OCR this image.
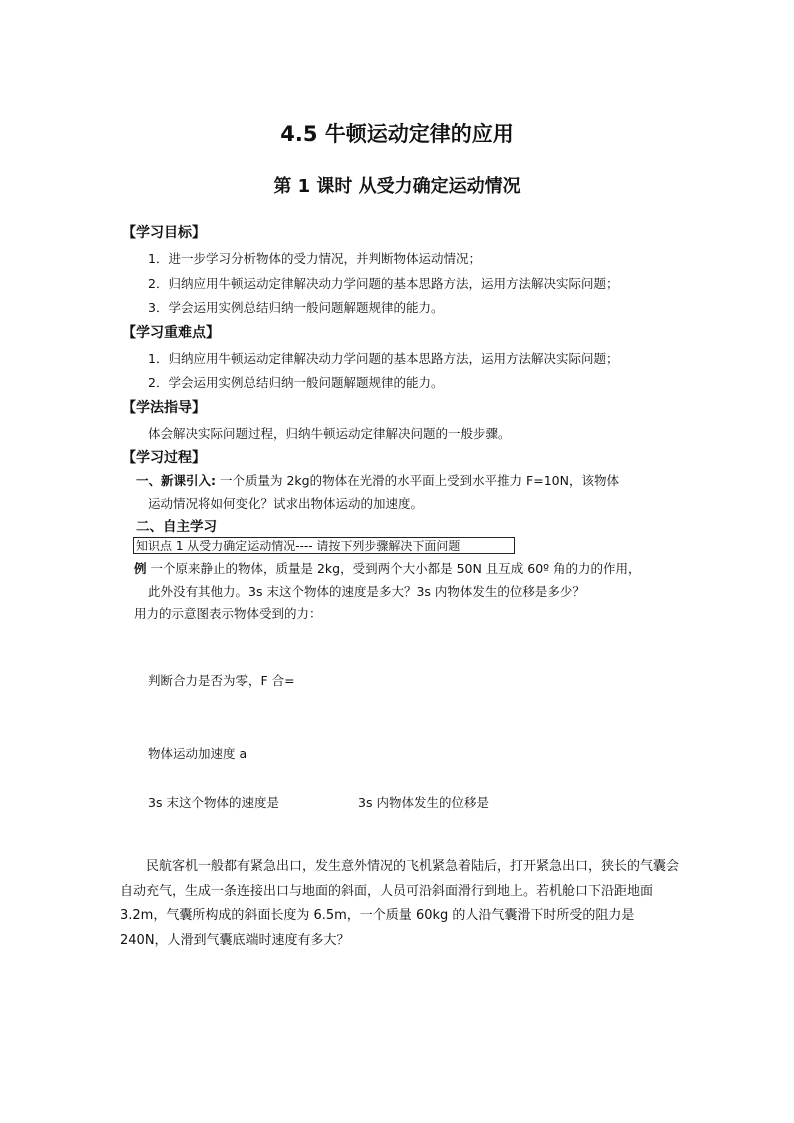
4.5 牛顿运动定律的应用
第 1 课时 从受力确定运动情况
【学习目标】
1．进一步学习分析物体的受力情况，并判断物体运动情况；
2．归纳应用牛顿运动定律解决动力学问题的基本思路方法，运用方法解决实际问题；
3．学会运用实例总结归纳一般问题解题规律的能力。
【学习重难点】
1．归纳应用牛顿运动定律解决动力学问题的基本思路方法，运用方法解决实际问题；
2．学会运用实例总结归纳一般问题解题规律的能力。
【学法指导】
体会解决实际问题过程，归纳牛顿运动定律解决问题的一般步骤。
【学习过程】
一、新课引入: 一个质量为 2kg的物体在光滑的水平面上受到水平推力 F=10N，该物体
运动情况将如何变化？试求出物体运动的加速度。
二、自主学习
知识点 1 从受力确定运动情况---- 请按下列步骤解决下面问题
例 一个原来静止的物体，质量是 2kg，受到两个大小都是 50N 且互成 60º 角的力的作用，
此外没有其他力。3s 末这个物体的速度是多大？3s 内物体发生的位移是多少？
用力的示意图表示物体受到的力：
判断合力是否为零，F 合=
物体运动加速度 a
3s 末这个物体的速度是	3s 内物体发生的位移是
民航客机一般都有紧急出口，发生意外情况的飞机紧急着陆后，打开紧急出口，狭长的气囊会自动充气，生成一条连接出口与地面的斜面，人员可沿斜面滑行到地上。若机舱口下沿距地面 3.2m，气囊所构成的斜面长度为 6.5m，一个质量 60kg 的人沿气囊滑下时所受的阻力是 240N，人滑到气囊底端时速度有多大？
